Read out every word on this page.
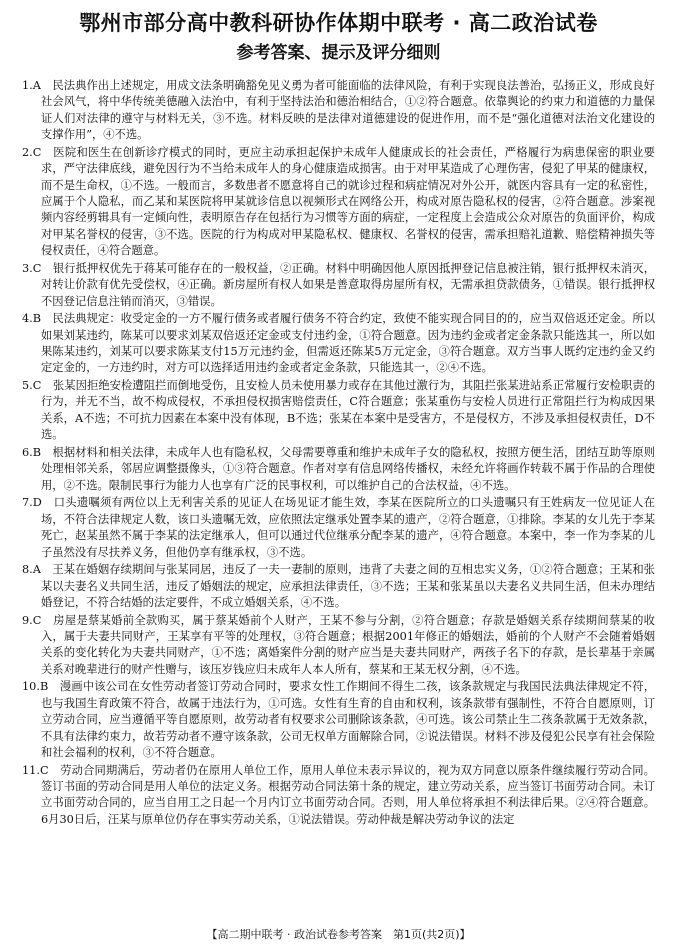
鄂州市部分高中教科研协作体期中联考 · 高二政治试卷
参考答案、提示及评分细则

1.A　 民法典作出上述规定，用成文法条明确豁免见义勇为者可能面临的法律风险，有利于实现良法善治，弘扬正义，形成良好社会风气，将中华传统美德融入法治中，有利于坚持法治和德治相结合，①②符合题意。依靠舆论的约束力和道德的力量保证人们对法律的遵守与材料无关，③不选。材料反映的是法律对道德建设的促进作用，而不是“强化道德对法治文化建设的支撑作用”，④不选。

2.C　 医院和医生在创新诊疗模式的同时，更应主动承担起保护未成年人健康成长的社会责任，严格履行为病患保密的职业要求，严守法律底线，避免因行为不当给未成年人的身心健康造成损害。由于对甲某造成了心理伤害，侵犯了甲某的健康权，而不是生命权，①不选。一般而言，多数患者不愿意将自己的就诊过程和病症情况对外公开，就医内容具有一定的私密性，应属于个人隐私，而乙某和某医院将甲某就诊信息以视频形式在网络公开，构成对原告隐私权的侵害，②符合题意。涉案视频内容经剪辑具有一定倾向性，表明原告存在包括行为习惯等方面的病症，一定程度上会造成公众对原告的负面评价，构成对甲某名誉权的侵害，③不选。医院的行为构成对甲某隐私权、健康权、名誉权的侵害，需承担赔礼道歉、赔偿精神损失等侵权责任，④符合题意。

3.C　 银行抵押权优先于蒋某可能存在的一般权益，②正确。材料中明确因他人原因抵押登记信息被注销，银行抵押权未消灭，对转让价款有优先受偿权，④正确。新房屋所有权人如果是善意取得房屋所有权，无需承担贷款债务，①错误。银行抵押权不因登记信息注销而消灭，③错误。

4.B　 民法典规定：收受定金的一方不履行债务或者履行债务不符合约定，致使不能实现合同目的的，应当双倍返还定金。所以如果刘某违约，陈某可以要求刘某双倍返还定金或支付违约金，①符合题意。因为违约金或者定金条款只能选其一，所以如果陈某违约，刘某可以要求陈某支付15万元违约金，但需返还陈某5万元定金，③符合题意。双方当事人既约定违约金又约定定金的，一方违约时，对方可以选择适用违约金或者定金条款，只能选其一，②④不选。

5.C　 张某因拒绝安检遭阻拦而倒地受伤，且安检人员未使用暴力或存在其他过激行为，其阻拦张某进站系正常履行安检职责的行为，并无不当，故不构成侵权，不承担侵权损害赔偿责任，C符合题意；张某重伤与安检人员进行正常阻拦行为构成因果关系，A不选；不可抗力因素在本案中没有体现，B不选；张某在本案中是受害方，不是侵权方，不涉及承担侵权责任，D不选。

6.B　 根据材料和相关法律，未成年人也有隐私权，父母需要尊重和维护未成年子女的隐私权，按照方便生活，团结互助等原则处理相邻关系，邻居应调整摄像头，①③符合题意。作者对享有信息网络传播权，未经允许将画作转载不属于作品的合理使用，②不选。限制民事行为能力人也享有广泛的民事权利，可以维护自己的合法权益，④不选。

7.D　 口头遗嘱须有两位以上无利害关系的见证人在场见证才能生效，李某在医院所立的口头遗嘱只有王姓病友一位见证人在场，不符合法律规定人数，该口头遗嘱无效，应依照法定继承处置李某的遗产，②符合题意，①排除。李某的女儿先于李某死亡，赵某虽然不属于李某的法定继承人，但可以通过代位继承分配李某的遗产，④符合题意。本案中，李一作为李某的儿子虽然没有尽扶养义务，但他仍享有继承权，③不选。

8.A　 王某在婚姻存续期间与张某同居，违反了一夫一妻制的原则，违背了夫妻之间的互相忠实义务，①②符合题意；王某和张某以夫妻名义共同生活，违反了婚姻法的规定，应承担法律责任，③不选；王某和张某虽以夫妻名义共同生活，但未办理结婚登记，不符合结婚的法定要件，不成立婚姻关系，④不选。

9.C　 房屋是蔡某婚前全款购买，属于蔡某婚前个人财产，王某不参与分割，②符合题意；存款是婚姻关系存续期间蔡某的收入，属于夫妻共同财产，王某享有平等的处理权，③符合题意；根据2001年修正的婚姻法，婚前的个人财产不会随着婚姻关系的变化转化为夫妻共同财产，①不选；离婚案件分割的财产应当是夫妻共同财产，两孩子名下的存款，是长辈基于亲属关系对晚辈进行的财产性赠与，该压岁钱应归未成年人本人所有，蔡某和王某无权分割，④不选。

10.B　 漫画中该公司在女性劳动者签订劳动合同时，要求女性工作期间不得生二孩，该条款规定与我国民法典法律规定不符，也与我国生育政策不符合，故属于违法行为，①可选。女性有生育的自由和权利，该条款带有强制性，不符合自愿原则，订立劳动合同，应当遵循平等自愿原则，故劳动者有权要求公司删除该条款，④可选。该公司禁止生二孩条款属于无效条款，不具有法律约束力，故若劳动者不遵守该条款，公司无权单方面解除合同，②说法错误。材料不涉及侵犯公民享有社会保险和社会福利的权利，③不符合题意。

11.C　 劳动合同期满后，劳动者仍在原用人单位工作，原用人单位未表示异议的，视为双方同意以原条件继续履行劳动合同。签订书面的劳动合同是用人单位的法定义务。根据劳动合同法第十条的规定，建立劳动关系，应当签订书面劳动合同。未订立书面劳动合同的，应当自用工之日起一个月内订立书面劳动合同。否则，用人单位将承担不利法律后果。②④符合题意。6月30日后，汪某与原单位仍存在事实劳动关系，①说法错误。劳动仲裁是解决劳动争议的法定

【高二期中联考 · 政治试卷参考答案　第1页(共2页)】
